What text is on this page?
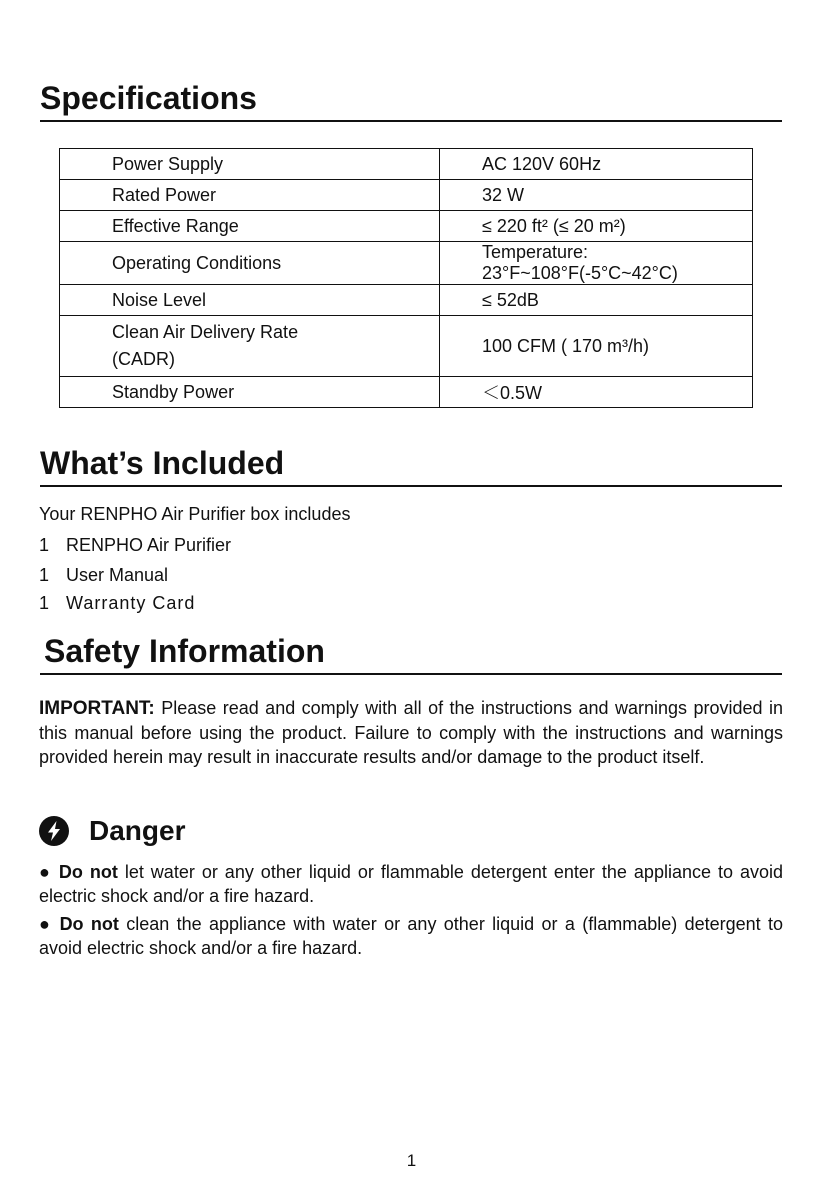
Specifications
Power Supply	AC 120V 60Hz
Rated Power	32 W
Effective Range	≤ 220 ft² (≤ 20 m²)
Operating Conditions	Temperature: 23°F~108°F(-5°C~42°C)
Noise Level	≤ 52dB
Clean Air Delivery Rate (CADR)	100 CFM ( 170 m³/h)
Standby Power	＜0.5W
What’s Included
Your RENPHO Air Purifier box includes
1 RENPHO Air Purifier
1 User Manual
1 Warranty Card
Safety Information

IMPORTANT: Please read and comply with all of the instructions and warnings provided in this manual before using the product. Failure to comply with the instructions and warnings provided herein may result in inaccurate results and/or damage to the product itself.

Danger

● Do not let water or any other liquid or flammable detergent enter the appliance to avoid electric shock and/or a fire hazard.

● Do not clean the appliance with water or any other liquid or a (flammable) detergent to avoid electric shock and/or a fire hazard.

1
